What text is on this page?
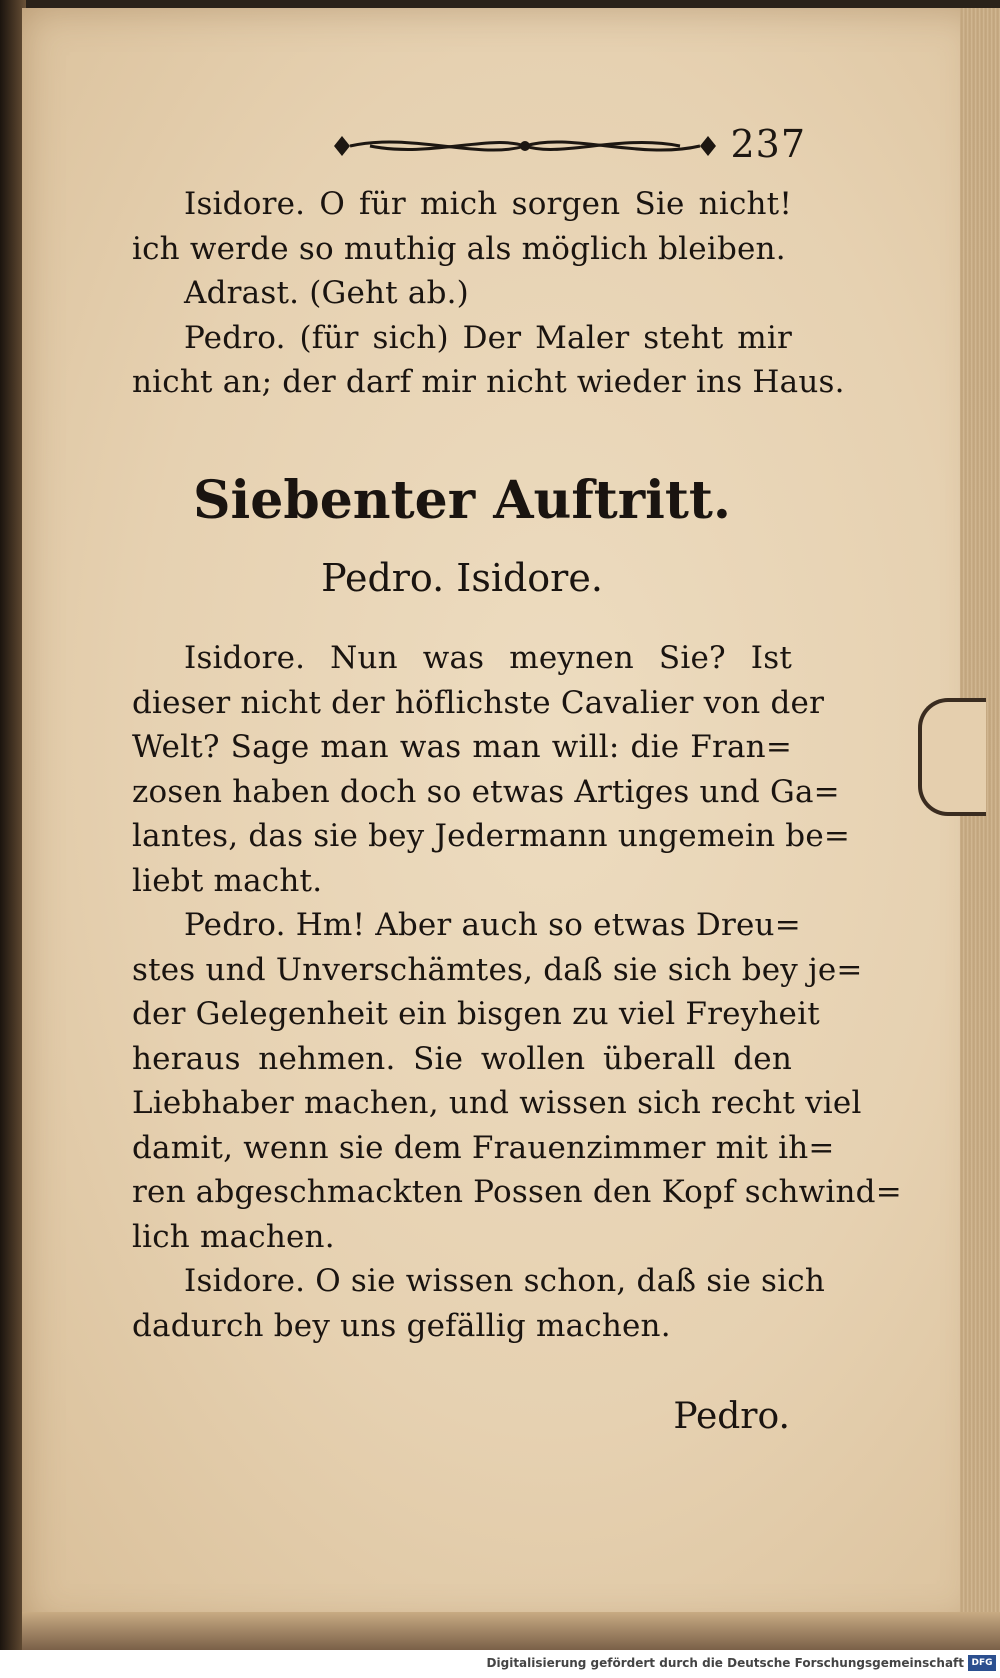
237
Isidore. O für mich sorgen Sie nicht!
ich werde so muthig als möglich bleiben.
Adrast. (Geht ab.)
Pedro. (für sich) Der Maler steht mir
nicht an; der darf mir nicht wieder ins Haus.
Siebenter Auftritt.
Pedro. Isidore.
Isidore. Nun was meynen Sie? Ist
dieser nicht der höflichste Cavalier von der
Welt? Sage man was man will: die Fran=
zosen haben doch so etwas Artiges und Ga=
lantes, das sie bey Jedermann ungemein be=
liebt macht.
Pedro. Hm! Aber auch so etwas Dreu=
stes und Unverschämtes, daß sie sich bey je=
der Gelegenheit ein bisgen zu viel Freyheit
heraus nehmen. Sie wollen überall den
Liebhaber machen, und wissen sich recht viel
damit, wenn sie dem Frauenzimmer mit ih=
ren abgeschmackten Possen den Kopf schwind=
lich machen.
Isidore. O sie wissen schon, daß sie sich
dadurch bey uns gefällig machen.
Pedro.
Digitalisierung gefördert durch die Deutsche Forschungsgemeinschaft DFG
